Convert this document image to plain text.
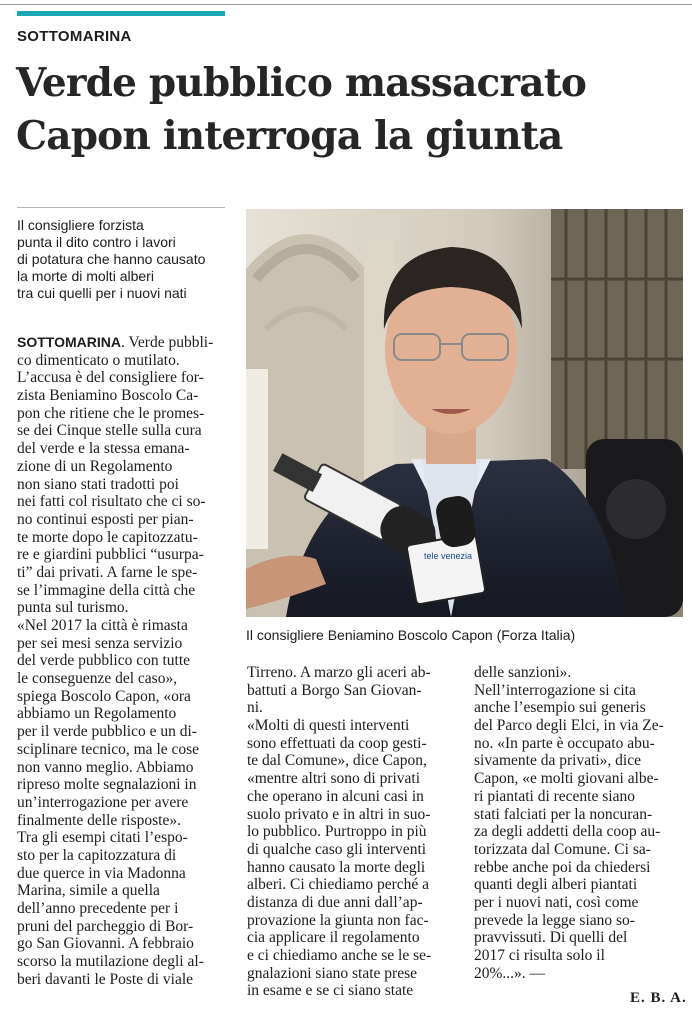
SOTTOMARINA
Verde pubblico massacrato
Capon interroga la giunta

Il consigliere forzista
punta il dito contro i lavori
di potatura che hanno causato
la morte di molti alberi
tra cui quelli per i nuovi nati

tele venezia
Il consigliere Beniamino Boscolo Capon (Forza Italia)
SOTTOMARINA. Verde pubbli-
co dimenticato o mutilato.
L’accusa è del consigliere for-
zista Beniamino Boscolo Ca-
pon che ritiene che le promes-
se dei Cinque stelle sulla cura
del verde e la stessa emana-
zione di un Regolamento
non siano stati tradotti poi
nei fatti col risultato che ci so-
no continui esposti per pian-
te morte dopo le capitozzatu-
re e giardini pubblici “usurpa-
ti” dai privati. A farne le spe-
se l’immagine della città che
punta sul turismo.
«Nel 2017 la città è rimasta
per sei mesi senza servizio
del verde pubblico con tutte
le conseguenze del caso»,
spiega Boscolo Capon, «ora
abbiamo un Regolamento
per il verde pubblico e un di-
sciplinare tecnico, ma le cose
non vanno meglio. Abbiamo
ripreso molte segnalazioni in
un’interrogazione per avere
finalmente delle risposte».
Tra gli esempi citati l’espo-
sto per la capitozzatura di
due querce in via Madonna
Marina, simile a quella
dell’anno precedente per i
pruni del parcheggio di Bor-
go San Giovanni. A febbraio
scorso la mutilazione degli al-
beri davanti le Poste di viale
Tirreno. A marzo gli aceri ab-
battuti a Borgo San Giovan-
ni.
«Molti di questi interventi
sono effettuati da coop gesti-
te dal Comune», dice Capon,
«mentre altri sono di privati
che operano in alcuni casi in
suolo privato e in altri in suo-
lo pubblico. Purtroppo in più
di qualche caso gli interventi
hanno causato la morte degli
alberi. Ci chiediamo perché a
distanza di due anni dall’ap-
provazione la giunta non fac-
cia applicare il regolamento
e ci chiediamo anche se le se-
gnalazioni siano state prese
in esame e se ci siano state
delle sanzioni».
Nell’interrogazione si cita
anche l’esempio sui generis
del Parco degli Elci, in via Ze-
no. «In parte è occupato abu-
sivamente da privati», dice
Capon, «e molti giovani albe-
ri piantati di recente siano
stati falciati per la noncuran-
za degli addetti della coop au-
torizzata dal Comune. Ci sa-
rebbe anche poi da chiedersi
quanti degli alberi piantati
per i nuovi nati, così come
prevede la legge siano so-
pravvissuti. Di quelli del
2017 ci risulta solo il
20%...». —
E. B. A.
